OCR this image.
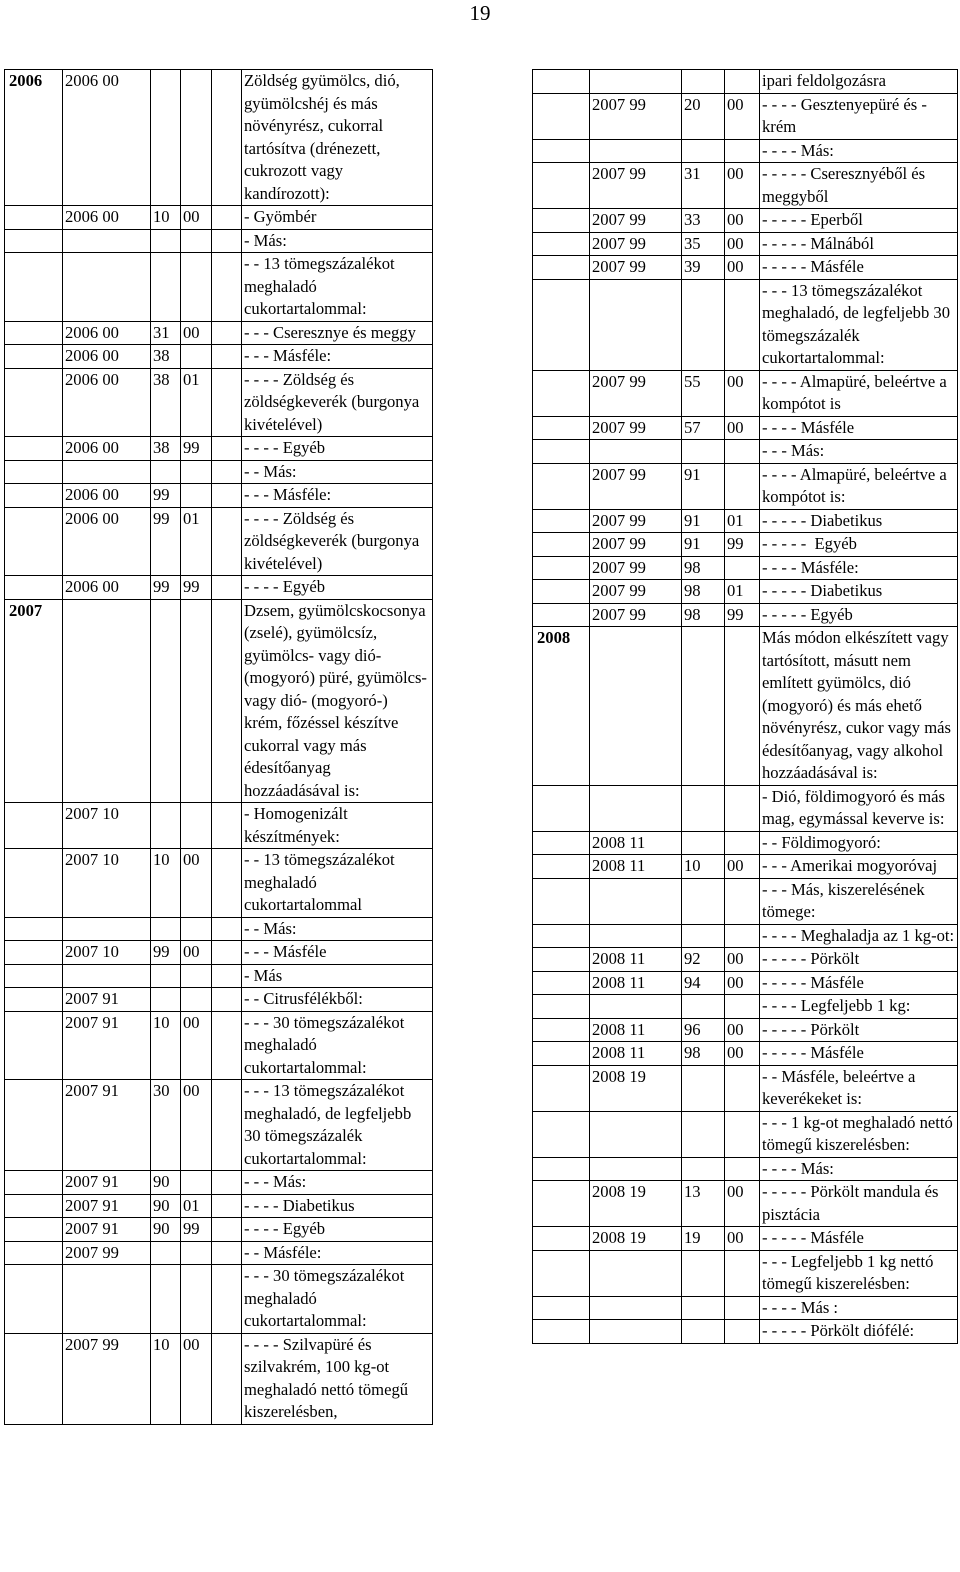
19
2006	2006 00				Zöldség gyümölcs, dió, gyümölcshéj és más növényrész, cukorral tartósítva (drénezett, cukrozott vagy kandírozott):
	2006 00	10	00		- Gyömbér
					- Más:
					- - 13 tömegszázalékot meghaladó cukortartalommal:
	2006 00	31	00		- - - Cseresznye és meggy
	2006 00	38			- - - Másféle:
	2006 00	38	01		- - - - Zöldség és zöldségkeverék (burgonya kivételével)
	2006 00	38	99		- - - - Egyéb
					- - Más:
	2006 00	99			- - - Másféle:
	2006 00	99	01		- - - - Zöldség és zöldségkeverék (burgonya kivételével)
	2006 00	99	99		- - - - Egyéb
2007					Dzsem, gyümölcskocsonya (zselé), gyümölcsíz, gyümölcs- vagy dió- (mogyoró) püré, gyümölcs- vagy dió- (mogyoró-) krém, főzéssel készítve cukorral vagy más édesítőanyag hozzáadásával is:
	2007 10				- Homogenizált készítmények:
	2007 10	10	00		- - 13 tömegszázalékot meghaladó cukortartalommal
					- - Más:
	2007 10	99	00		- - - Másféle
					- Más
	2007 91				- - Citrusfélékből:
	2007 91	10	00		- - - 30 tömegszázalékot meghaladó cukortartalommal:
	2007 91	30	00		- - - 13 tömegszázalékot meghaladó, de legfeljebb 30 tömegszázalék cukortartalommal:
	2007 91	90			- - - Más:
	2007 91	90	01		- - - - Diabetikus
	2007 91	90	99		- - - - Egyéb
	2007 99				- - Másféle:
					- - - 30 tömegszázalékot meghaladó cukortartalommal:
	2007 99	10	00		- - - - Szilvapüré és szilvakrém, 100 kg-ot meghaladó nettó tömegű kiszerelésben,
				ipari feldolgozásra
	2007 99	20	00	- - - - Gesztenyepüré és -krém
				- - - - Más:
	2007 99	31	00	- - - - - Cseresznyéből és meggyből
	2007 99	33	00	- - - - - Eperből
	2007 99	35	00	- - - - - Málnából
	2007 99	39	00	- - - - - Másféle
				- - - 13 tömegszázalékot meghaladó, de legfeljebb 30 tömegszázalék cukortartalommal:
	2007 99	55	00	- - - - Almapüré, beleértve a kompótot is
	2007 99	57	00	- - - - Másféle
				- - - Más:
	2007 99	91		- - - - Almapüré, beleértve a kompótot is:
	2007 99	91	01	- - - - - Diabetikus
	2007 99	91	99	- - - - -  Egyéb
	2007 99	98		- - - - Másféle:
	2007 99	98	01	- - - - - Diabetikus
	2007 99	98	99	- - - - - Egyéb
2008				Más módon elkészített vagy tartósított, másutt nem említett gyümölcs, dió (mogyoró) és más ehető növényrész, cukor vagy más édesítőanyag, vagy alkohol hozzáadásával is:
				- Dió, földimogyoró és más mag, egymással keverve is:
	2008 11			- - Földimogyoró:
	2008 11	10	00	- - - Amerikai mogyoróvaj
				- - - Más, kiszerelésének tömege:
				- - - - Meghaladja az 1 kg-ot:
	2008 11	92	00	- - - - - Pörkölt
	2008 11	94	00	- - - - - Másféle
				- - - - Legfeljebb 1 kg:
	2008 11	96	00	- - - - - Pörkölt
	2008 11	98	00	- - - - - Másféle
	2008 19			- - Másféle, beleértve a keverékeket is:
				- - - 1 kg-ot meghaladó nettó tömegű kiszerelésben:
				- - - - Más:
	2008 19	13	00	- - - - - Pörkölt mandula és pisztácia
	2008 19	19	00	- - - - - Másféle
				- - - Legfeljebb 1 kg nettó tömegű kiszerelésben:
				- - - - Más :
				- - - - - Pörkölt diófélé:
